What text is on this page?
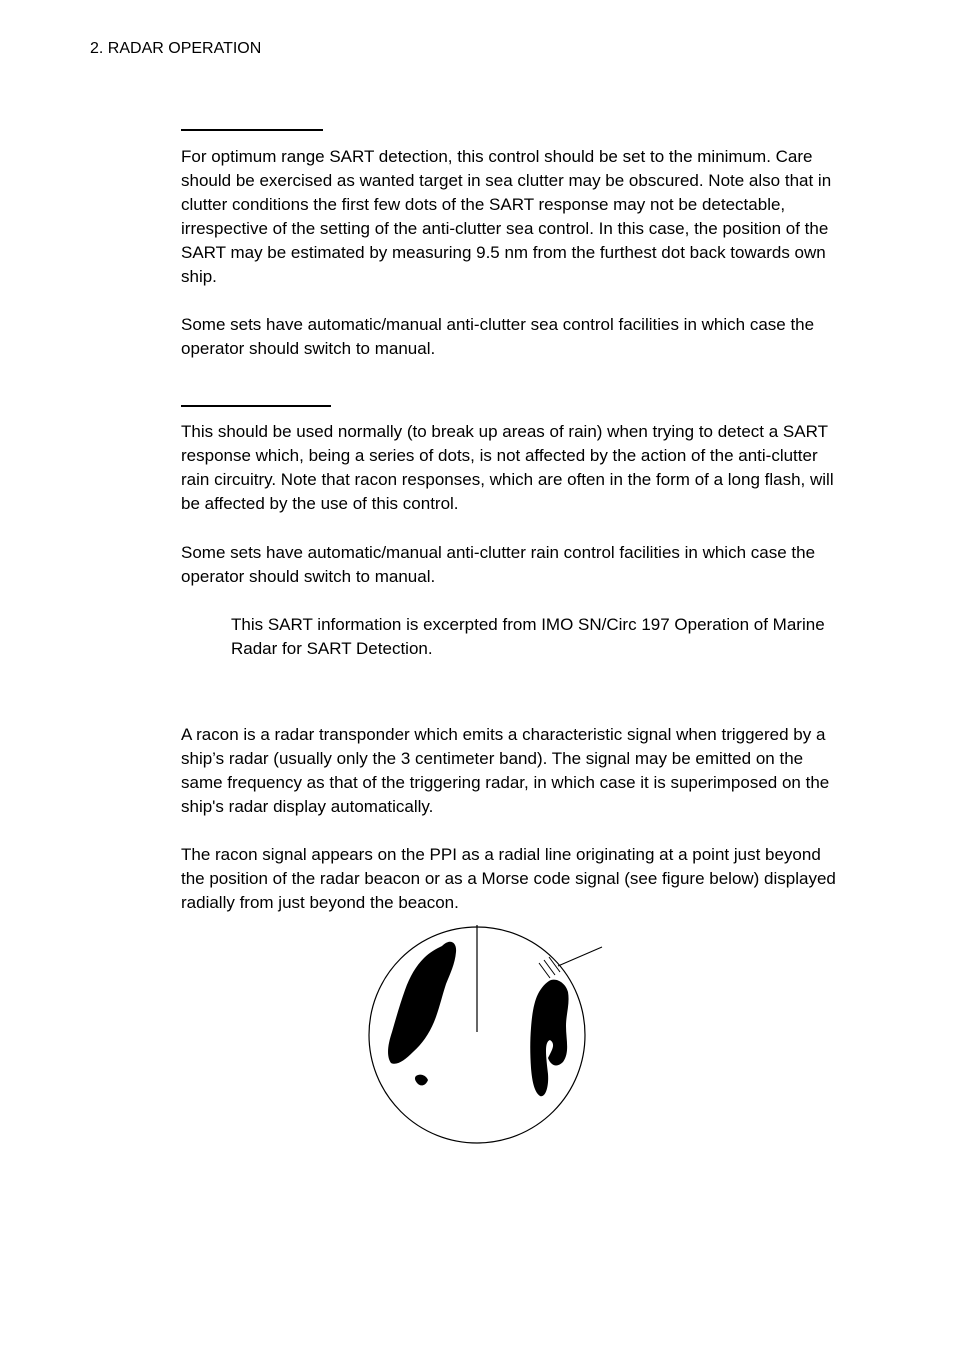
2. RADAR OPERATION

For optimum range SART detection, this control should be set to the minimum. Care should be exercised as wanted target in sea clutter may be obscured. Note also that in clutter conditions the first few dots of the SART response may not be detectable, irrespective of the setting of the anti-clutter sea control. In this case, the position of the SART may be estimated by measuring 9.5 nm from the furthest dot back towards own ship.

Some sets have automatic/manual anti-clutter sea control facilities in which case the operator should switch to manual.

This should be used normally (to break up areas of rain) when trying to detect a SART response which, being a series of dots, is not affected by the action of the anti-clutter rain circuitry. Note that racon responses, which are often in the form of a long flash, will be affected by the use of this control.

Some sets have automatic/manual anti-clutter rain control facilities in which case the operator should switch to manual.

This SART information is excerpted from IMO SN/Circ 197 Operation of Marine Radar for SART Detection.

A racon is a radar transponder which emits a characteristic signal when triggered by a ship’s radar (usually only the 3 centimeter band). The signal may be emitted on the same frequency as that of the triggering radar, in which case it is superimposed on the ship's radar display automatically.

The racon signal appears on the PPI as a radial line originating at a point just beyond the position of the radar beacon or as a Morse code signal (see figure below) displayed radially from just beyond the beacon.
